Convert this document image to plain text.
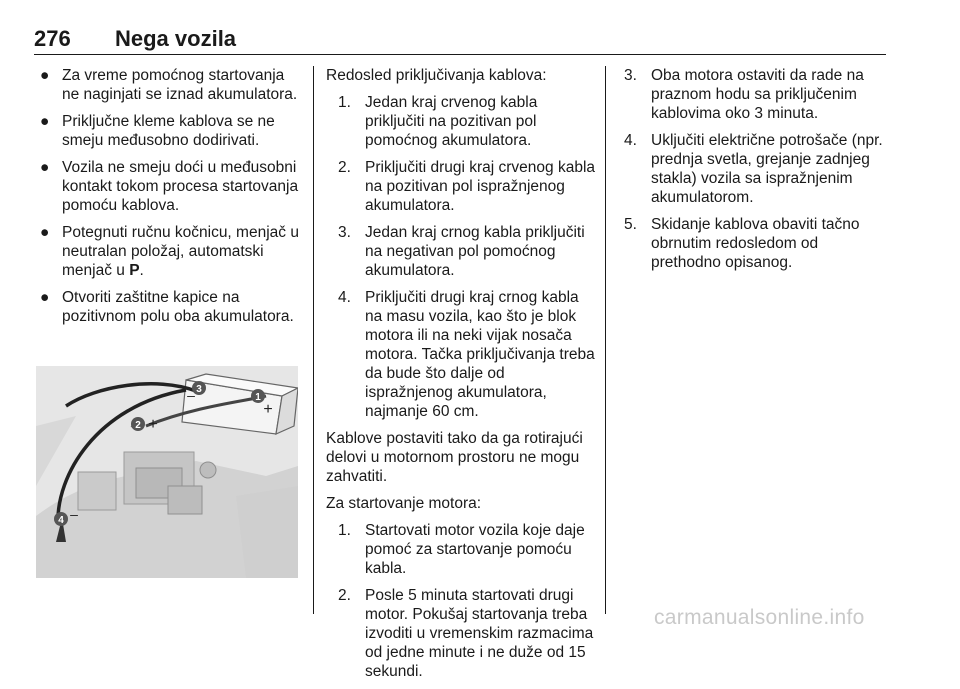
276 Nega vozila
● Za vreme pomoćnog startovanja ne naginjati se iznad akumulatora.
● Priključne kleme kablova se ne smeju međusobno dodirivati.
● Vozila ne smeju doći u međusobni kontakt tokom procesa startovanja pomoću kablova.
● Potegnuti ručnu kočnicu, menjač u neutralan položaj, automatski menjač u P.
● Otvoriti zaštitne kapice na pozitivnom polu oba akumulatora.
3
–	1
+
2 +
4 –

Redosled priključivanja kablova:

1. Jedan kraj crvenog kabla priključiti na pozitivan pol pomoćnog akumulatora.
2. Priključiti drugi kraj crvenog kabla na pozitivan pol ispražnjenog akumulatora.
3. Jedan kraj crnog kabla priključiti na negativan pol pomoćnog akumulatora.
4. Priključiti drugi kraj crnog kabla na masu vozila, kao što je blok motora ili na neki vijak nosača motora. Tačka priključivanja treba da bude što dalje od ispražnjenog akumulatora, najmanje 60 cm.

Kablove postaviti tako da ga rotirajući delovi u motornom prostoru ne mogu zahvatiti.

Za startovanje motora:

1. Startovati motor vozila koje daje pomoć za startovanje pomoću kabla.
2. Posle 5 minuta startovati drugi motor. Pokušaj startovanja treba izvoditi u vremenskim razmacima od jedne minute i ne duže od 15 sekundi.
3. Oba motora ostaviti da rade na praznom hodu sa priključenim kablovima oko 3 minuta.
4. Uključiti električne potrošače (npr. prednja svetla, grejanje zadnjeg stakla) vozila sa ispražnjenim akumulatorom.
5. Skidanje kablova obaviti tačno obrnutim redosledom od prethodno opisanog.
carmanualsonline.info
